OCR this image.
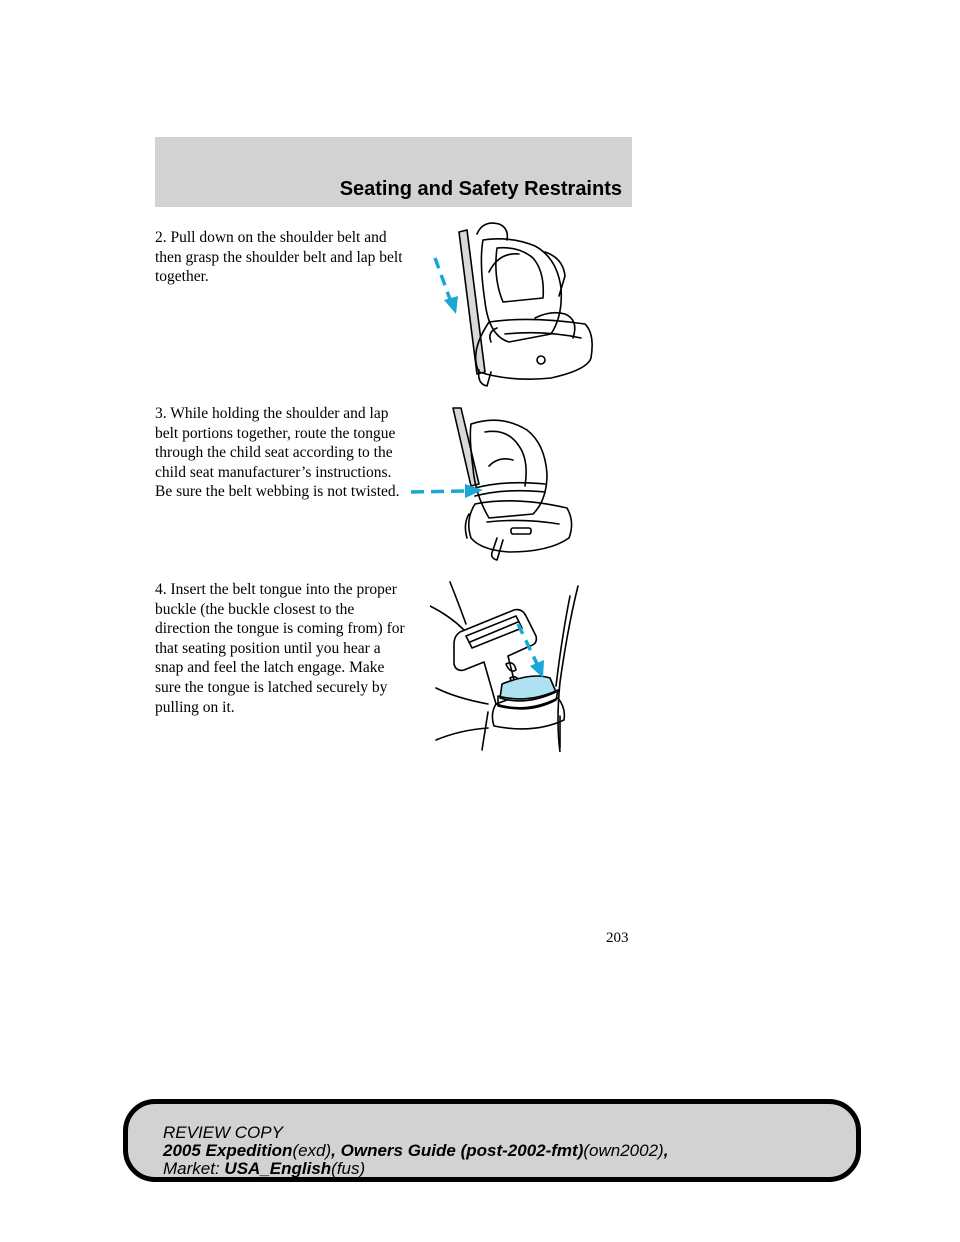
Seating and Safety Restraints

2. Pull down on the shoulder belt and then grasp the shoulder belt and lap belt together.

3. While holding the shoulder and lap belt portions together, route the tongue through the child seat according to the child seat manufacturer’s instructions. Be sure the belt webbing is not twisted.

4. Insert the belt tongue into the proper buckle (the buckle closest to the direction the tongue is coming from) for that seating position until you hear a snap and feel the latch engage. Make sure the tongue is latched securely by pulling on it.

203
REVIEW COPY
2005 Expedition(exd), Owners Guide (post-2002-fmt)(own2002),
Market: USA_English(fus)
